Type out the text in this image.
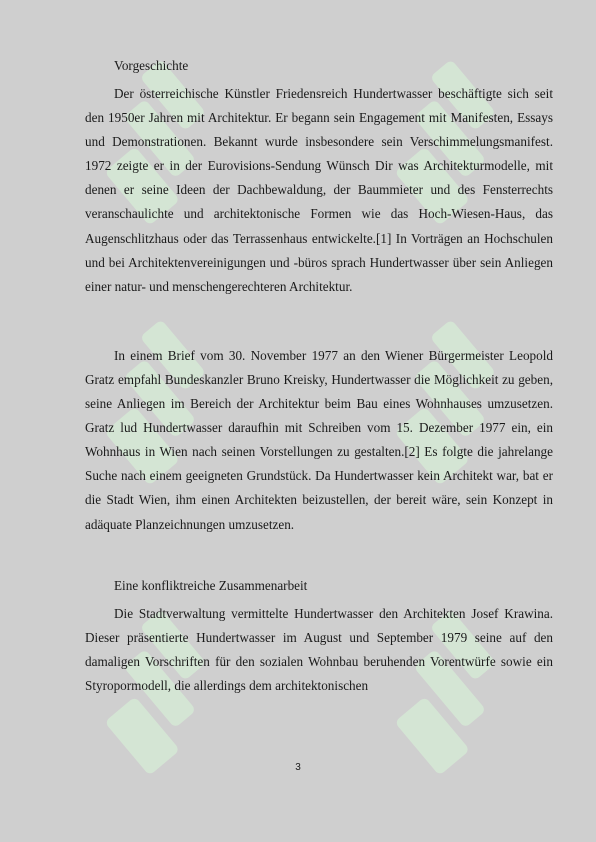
Vorgeschichte

Der österreichische Künstler Friedensreich Hundertwasser beschäftigte sich seit den 1950er Jahren mit Architektur. Er begann sein Engagement mit Manifesten, Essays und Demonstrationen. Bekannt wurde insbesondere sein Verschimmelungsmanifest. 1972 zeigte er in der Eurovisions-Sendung Wünsch Dir was Architekturmodelle, mit denen er seine Ideen der Dachbewaldung, der Baummieter und des Fensterrechts veranschaulichte und architektonische Formen wie das Hoch-Wiesen-Haus, das Augenschlitzhaus oder das Terrassenhaus entwickelte.[1] In Vorträgen an Hochschulen und bei Architektenvereinigungen und -büros sprach Hundertwasser über sein Anliegen einer natur- und menschengerechteren Architektur.

In einem Brief vom 30. November 1977 an den Wiener Bürgermeister Leopold Gratz empfahl Bundeskanzler Bruno Kreisky, Hundertwasser die Möglichkeit zu geben, seine Anliegen im Bereich der Architektur beim Bau eines Wohnhauses umzusetzen. Gratz lud Hundertwasser daraufhin mit Schreiben vom 15. Dezember 1977 ein, ein Wohnhaus in Wien nach seinen Vorstellungen zu gestalten.[2] Es folgte die jahrelange Suche nach einem geeigneten Grundstück. Da Hundertwasser kein Architekt war, bat er die Stadt Wien, ihm einen Architekten beizustellen, der bereit wäre, sein Konzept in adäquate Planzeichnungen umzusetzen.

Eine konfliktreiche Zusammenarbeit

Die Stadtverwaltung vermittelte Hundertwasser den Architekten Josef Krawina. Dieser präsentierte Hundertwasser im August und September 1979 seine auf den damaligen Vorschriften für den sozialen Wohnbau beruhenden Vorentwürfe sowie ein Styropormodell, die allerdings dem architektonischen

3
